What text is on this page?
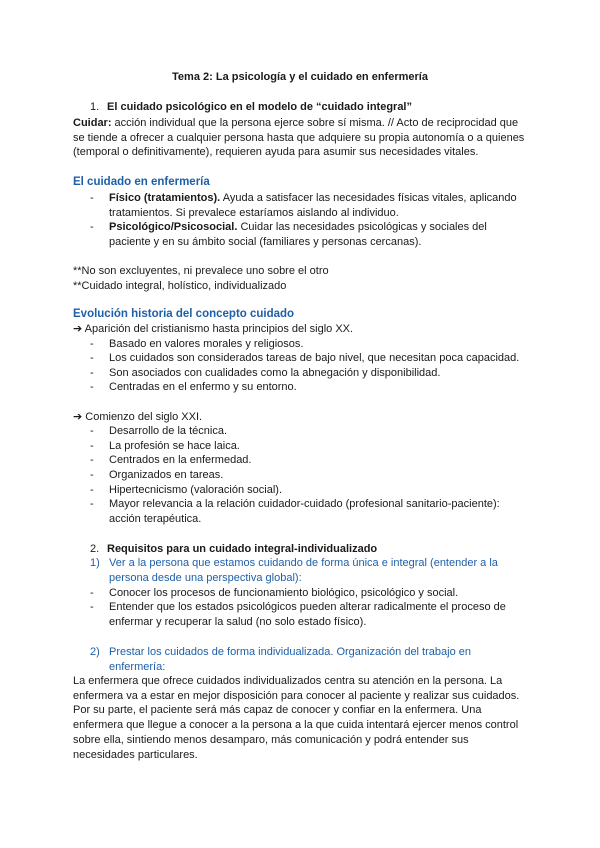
Tema 2: La psicología y el cuidado en enfermería
1. El cuidado psicológico en el modelo de “cuidado integral”
Cuidar: acción individual que la persona ejerce sobre sí misma. // Acto de reciprocidad que
se tiende a ofrecer a cualquier persona hasta que adquiere su propia autonomía o a quienes
(temporal o definitivamente), requieren ayuda para asumir sus necesidades vitales.
El cuidado en enfermería
- Físico (tratamientos). Ayuda a satisfacer las necesidades físicas vitales, aplicando
tratamientos. Si prevalece estaríamos aislando al individuo.
- Psicológico/Psicosocial. Cuidar las necesidades psicológicas y sociales del
paciente y en su ámbito social (familiares y personas cercanas).
**No son excluyentes, ni prevalece uno sobre el otro
**Cuidado integral, holístico, individualizado
Evolución historia del concepto cuidado
➔ Aparición del cristianismo hasta principios del siglo XX.
- Basado en valores morales y religiosos.
- Los cuidados son considerados tareas de bajo nivel, que necesitan poca capacidad.
- Son asociados con cualidades como la abnegación y disponibilidad.
- Centradas en el enfermo y su entorno.
➔ Comienzo del siglo XXI.
- Desarrollo de la técnica.
- La profesión se hace laica.
- Centrados en la enfermedad.
- Organizados en tareas.
- Hipertecnicismo (valoración social).
- Mayor relevancia a la relación cuidador-cuidado (profesional sanitario-paciente):
acción terapéutica.
2. Requisitos para un cuidado integral-individualizado
1) Ver a la persona que estamos cuidando de forma única e integral (entender a la
persona desde una perspectiva global):
- Conocer los procesos de funcionamiento biológico, psicológico y social.
- Entender que los estados psicológicos pueden alterar radicalmente el proceso de
enfermar y recuperar la salud (no solo estado físico).
2) Prestar los cuidados de forma individualizada. Organización del trabajo en
enfermería:
La enfermera que ofrece cuidados individualizados centra su atención en la persona. La
enfermera va a estar en mejor disposición para conocer al paciente y realizar sus cuidados.
Por su parte, el paciente será más capaz de conocer y confiar en la enfermera. Una
enfermera que llegue a conocer a la persona a la que cuida intentará ejercer menos control
sobre ella, sintiendo menos desamparo, más comunicación y podrá entender sus
necesidades particulares.
